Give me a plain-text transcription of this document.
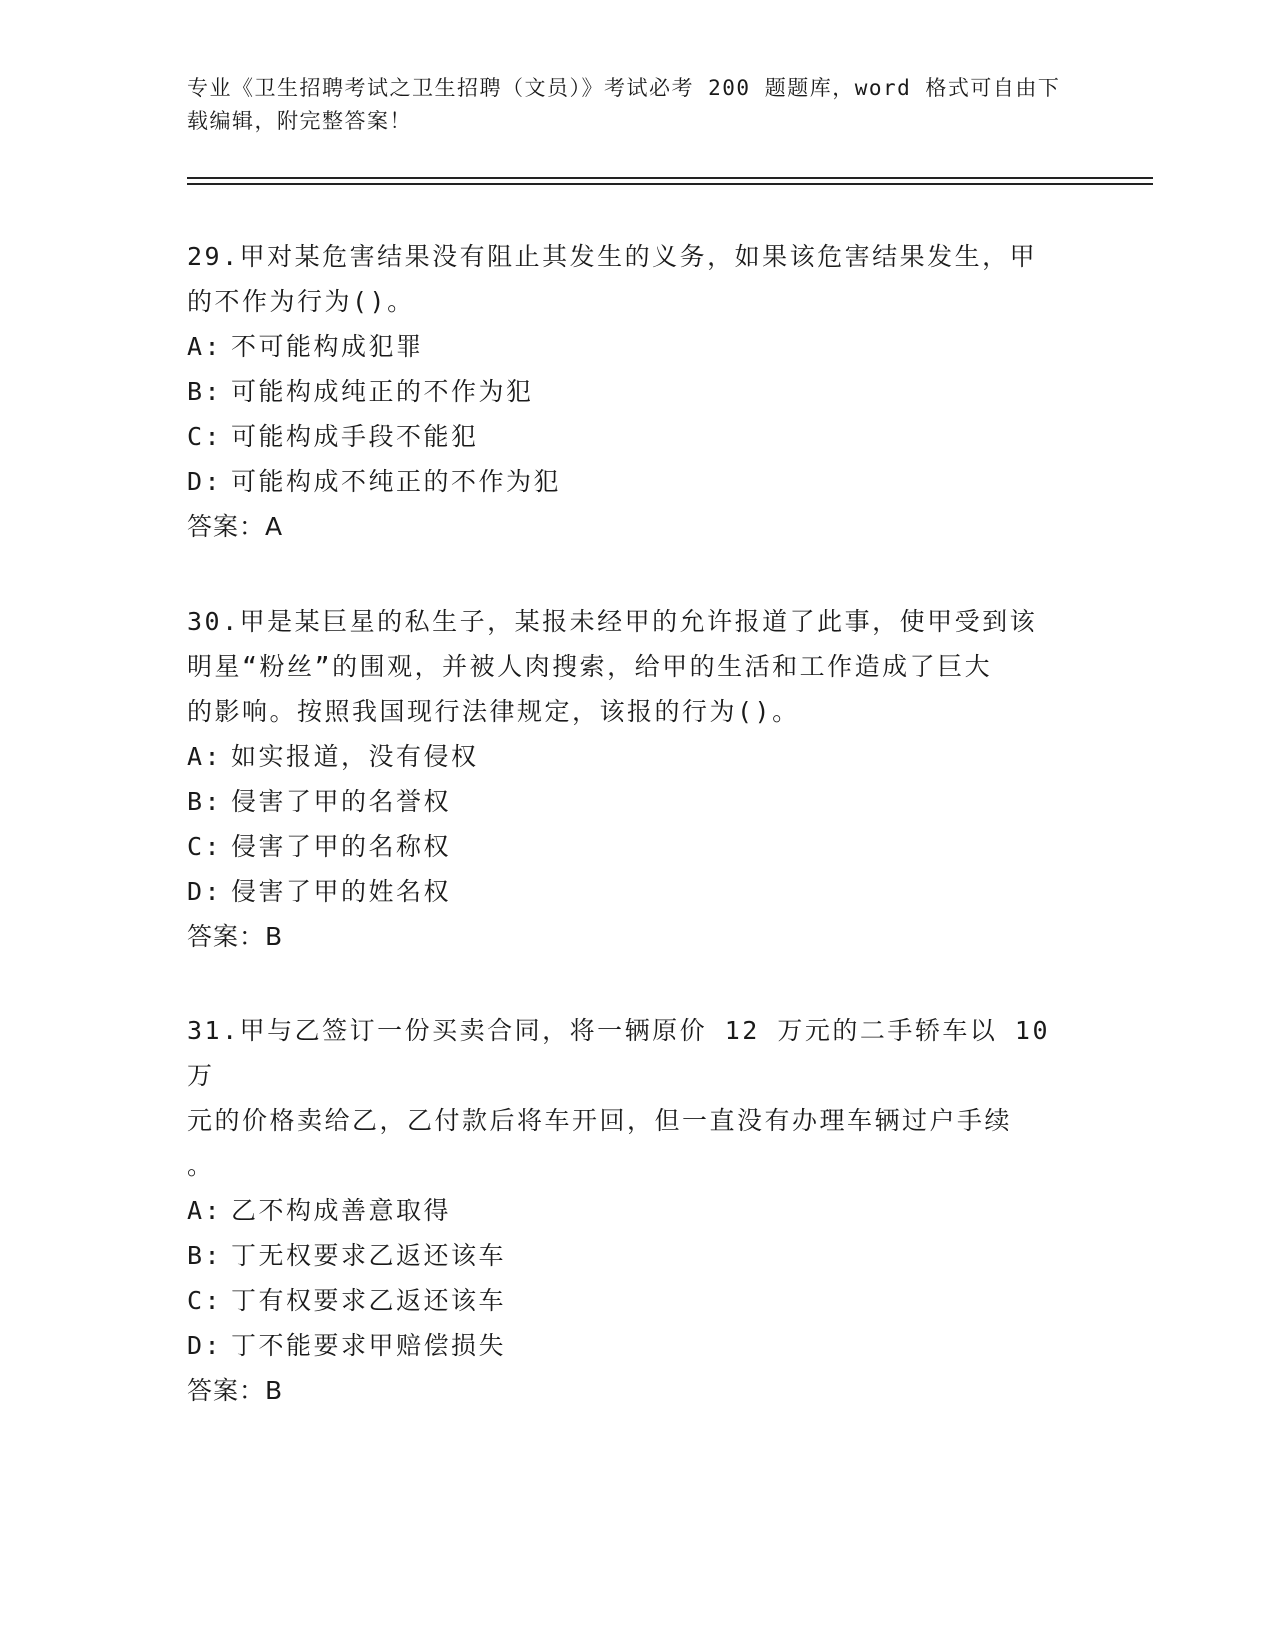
专业《卫生招聘考试之卫生招聘（文员）》考试必考 200 题题库，word 格式可自由下载编辑，附完整答案！

29.甲对某危害结果没有阻止其发生的义务，如果该危害结果发生，甲

的不作为行为()。

A: 不可能构成犯罪

B: 可能构成纯正的不作为犯

C: 可能构成手段不能犯

D: 可能构成不纯正的不作为犯

答案：A

30.甲是某巨星的私生子，某报未经甲的允许报道了此事，使甲受到该

明星“粉丝”的围观，并被人肉搜索，给甲的生活和工作造成了巨大

的影响。按照我国现行法律规定，该报的行为()。

A: 如实报道，没有侵权

B: 侵害了甲的名誉权

C: 侵害了甲的名称权

D: 侵害了甲的姓名权

答案：B

31.甲与乙签订一份买卖合同，将一辆原价 12 万元的二手轿车以 10 万

元的价格卖给乙，乙付款后将车开回，但一直没有办理车辆过户手续

。

A: 乙不构成善意取得

B: 丁无权要求乙返还该车

C: 丁有权要求乙返还该车

D: 丁不能要求甲赔偿损失

答案：B
